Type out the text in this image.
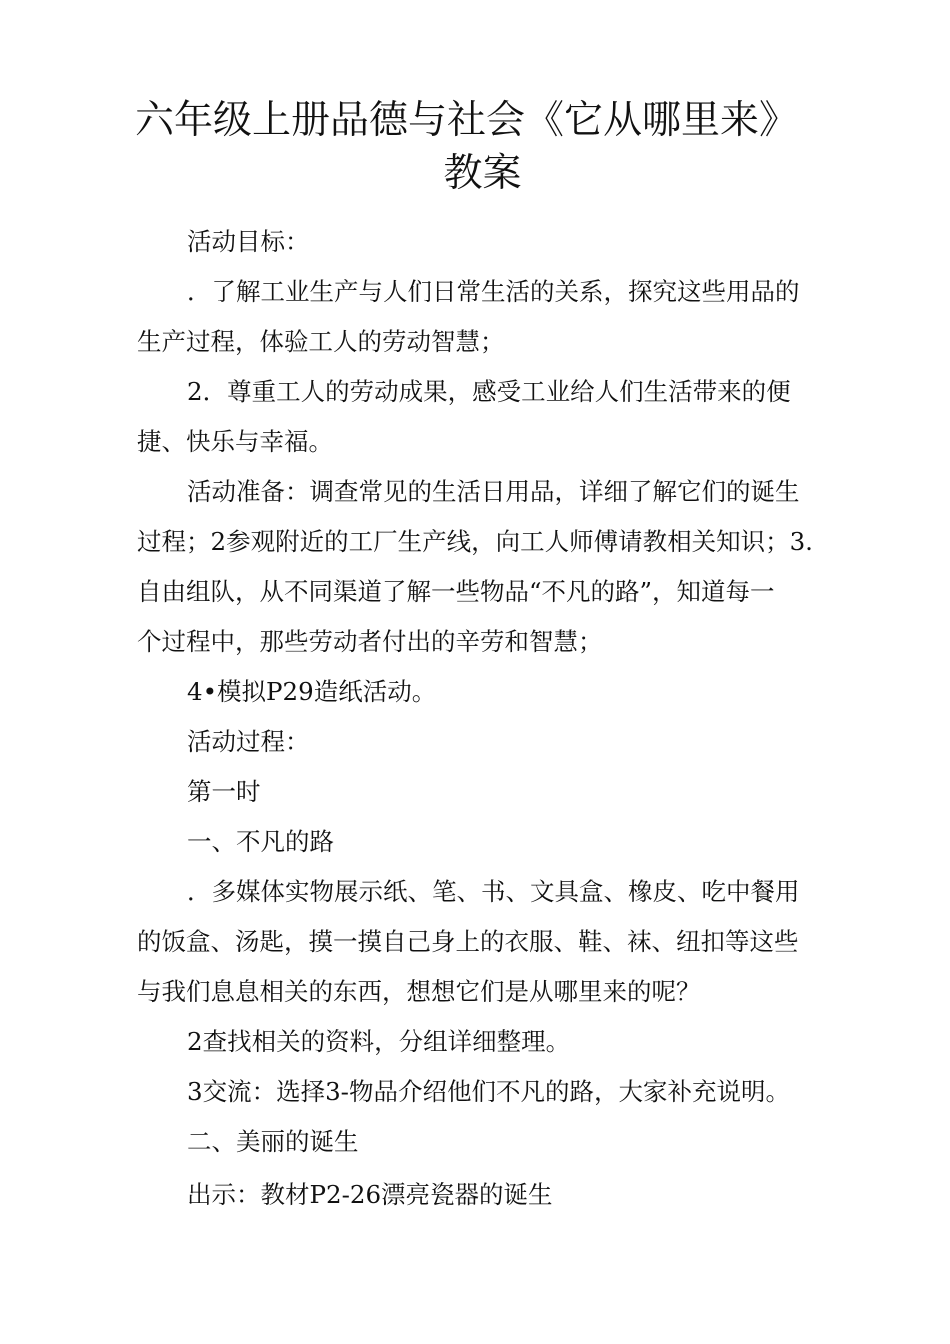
六年级上册品德与社会《它从哪里来》
教案

活动目标：

．了解工业生产与人们日常生活的关系，探究这些用品的

生产过程，体验工人的劳动智慧；

2．尊重工人的劳动成果，感受工业给人们生活带来的便

捷、快乐与幸福。

活动准备：调查常见的生活日用品，详细了解它们的诞生

过程；2参观附近的工厂生产线，向工人师傅请教相关知识；3.

自由组队，从不同渠道了解一些物品“不凡的路”，知道每一

个过程中，那些劳动者付出的辛劳和智慧；

4•模拟P29造纸活动。

活动过程：

第一时

一、不凡的路

．多媒体实物展示纸、笔、书、文具盒、橡皮、吃中餐用

的饭盒、汤匙，摸一摸自己身上的衣服、鞋、袜、纽扣等这些

与我们息息相关的东西，想想它们是从哪里来的呢？

2查找相关的资料，分组详细整理。

3交流：选择3-物品介绍他们不凡的路，大家补充说明。

二、美丽的诞生

出示：教材P2-26漂亮瓷器的诞生
